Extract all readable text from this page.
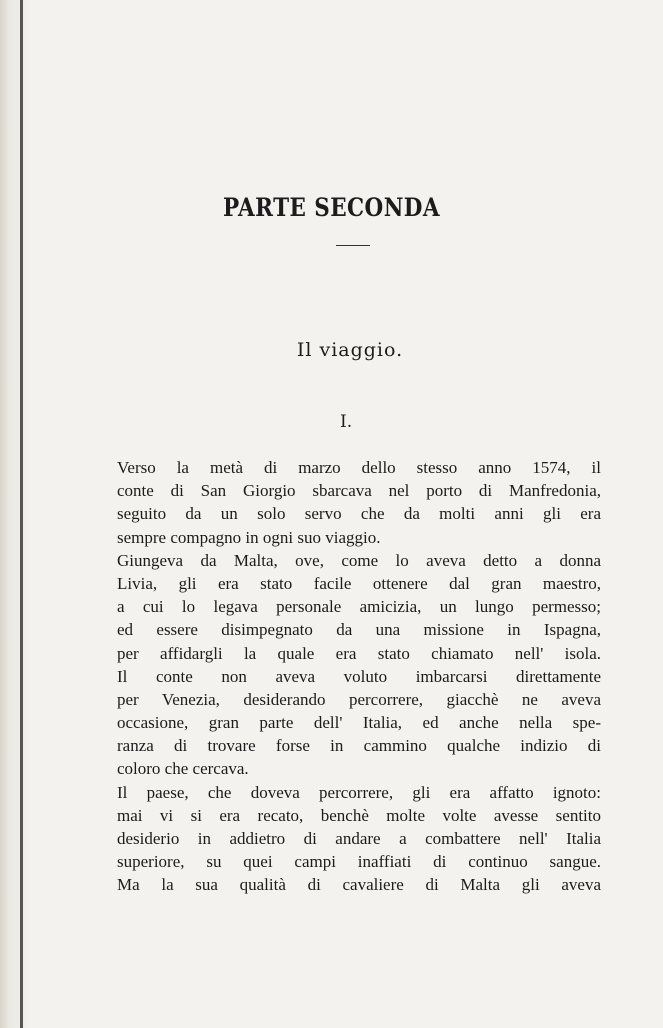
PARTE SECONDA
Il viaggio.
I.
Verso la metà di marzo dello stesso anno 1574, il
conte di San Giorgio sbarcava nel porto di Manfredonia,
seguito da un solo servo che da molti anni gli era
sempre compagno in ogni suo viaggio.
Giungeva da Malta, ove, come lo aveva detto a donna
Livia, gli era stato facile ottenere dal gran maestro,
a cui lo legava personale amicizia, un lungo permesso;
ed essere disimpegnato da una missione in Ispagna,
per affidargli la quale era stato chiamato nell' isola.
Il conte non aveva voluto imbarcarsi direttamente
per Venezia, desiderando percorrere, giacchè ne aveva
occasione, gran parte dell' Italia, ed anche nella spe-
ranza di trovare forse in cammino qualche indizio di
coloro che cercava.
Il paese, che doveva percorrere, gli era affatto ignoto:
mai vi si era recato, benchè molte volte avesse sentito
desiderio in addietro di andare a combattere nell' Italia
superiore, su quei campi inaffiati di continuo sangue.
Ma la sua qualità di cavaliere di Malta gli aveva
